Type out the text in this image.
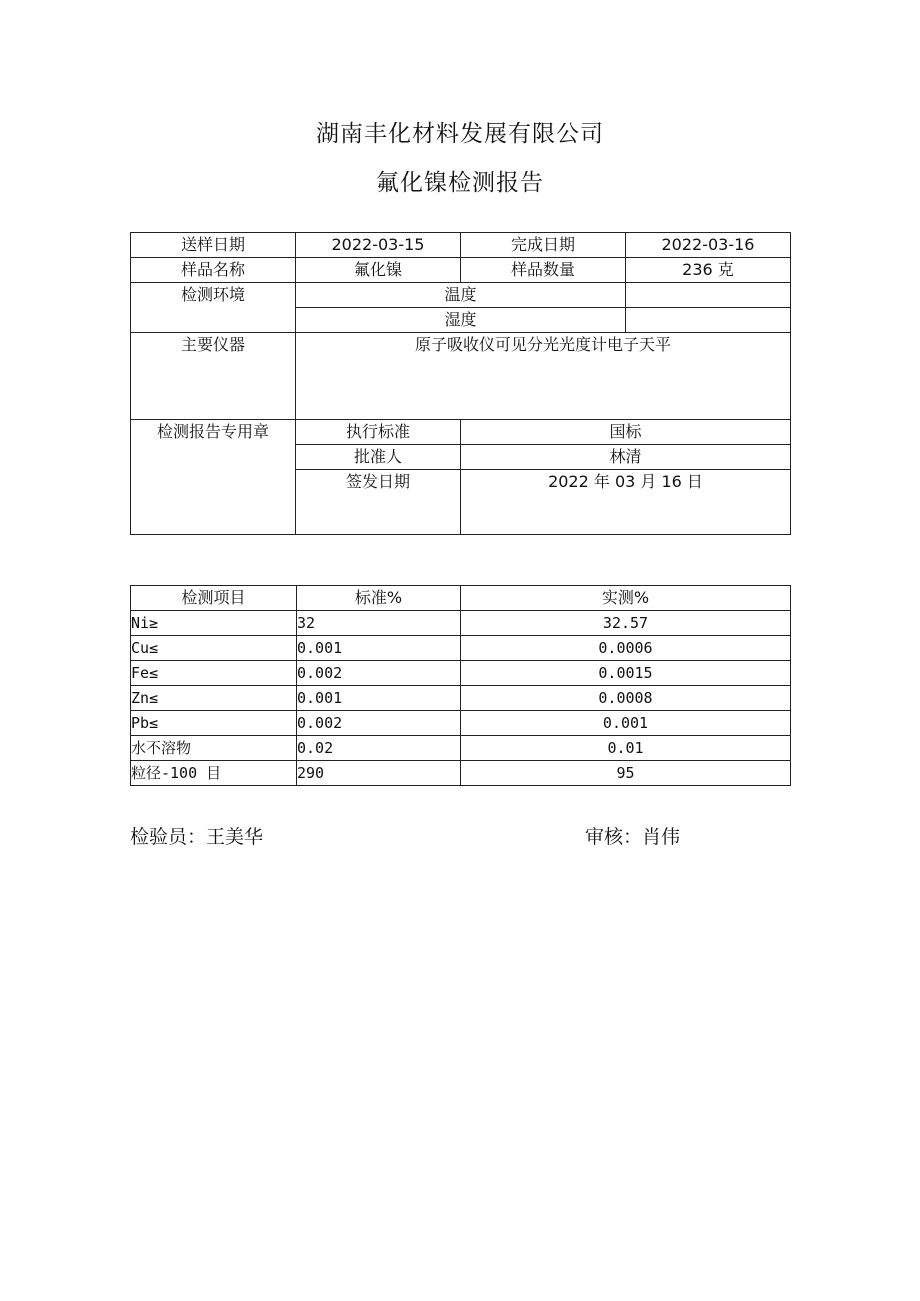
湖南丰化材料发展有限公司
氟化镍检测报告
送样日期	2022-03-15	完成日期	2022-03-16
样品名称	氟化镍	样品数量	236 克
检测环境	温度		
	湿度		
主要仪器	原子吸收仪可见分光光度计电子天平		
检测报告专用章	执行标准	国标	
	批准人	林清	
	签发日期	2022 年 03 月 16 日	
检测项目	标准%	实测%
Ni≥	32	32.57
Cu≤	0.001	0.0006
Fe≤	0.002	0.0015
Zn≤	0.001	0.0008
Pb≤	0.002	0.001
水不溶物	0.02	0.01
粒径-100 目	290	95
检验员：王美华	审核：肖伟
